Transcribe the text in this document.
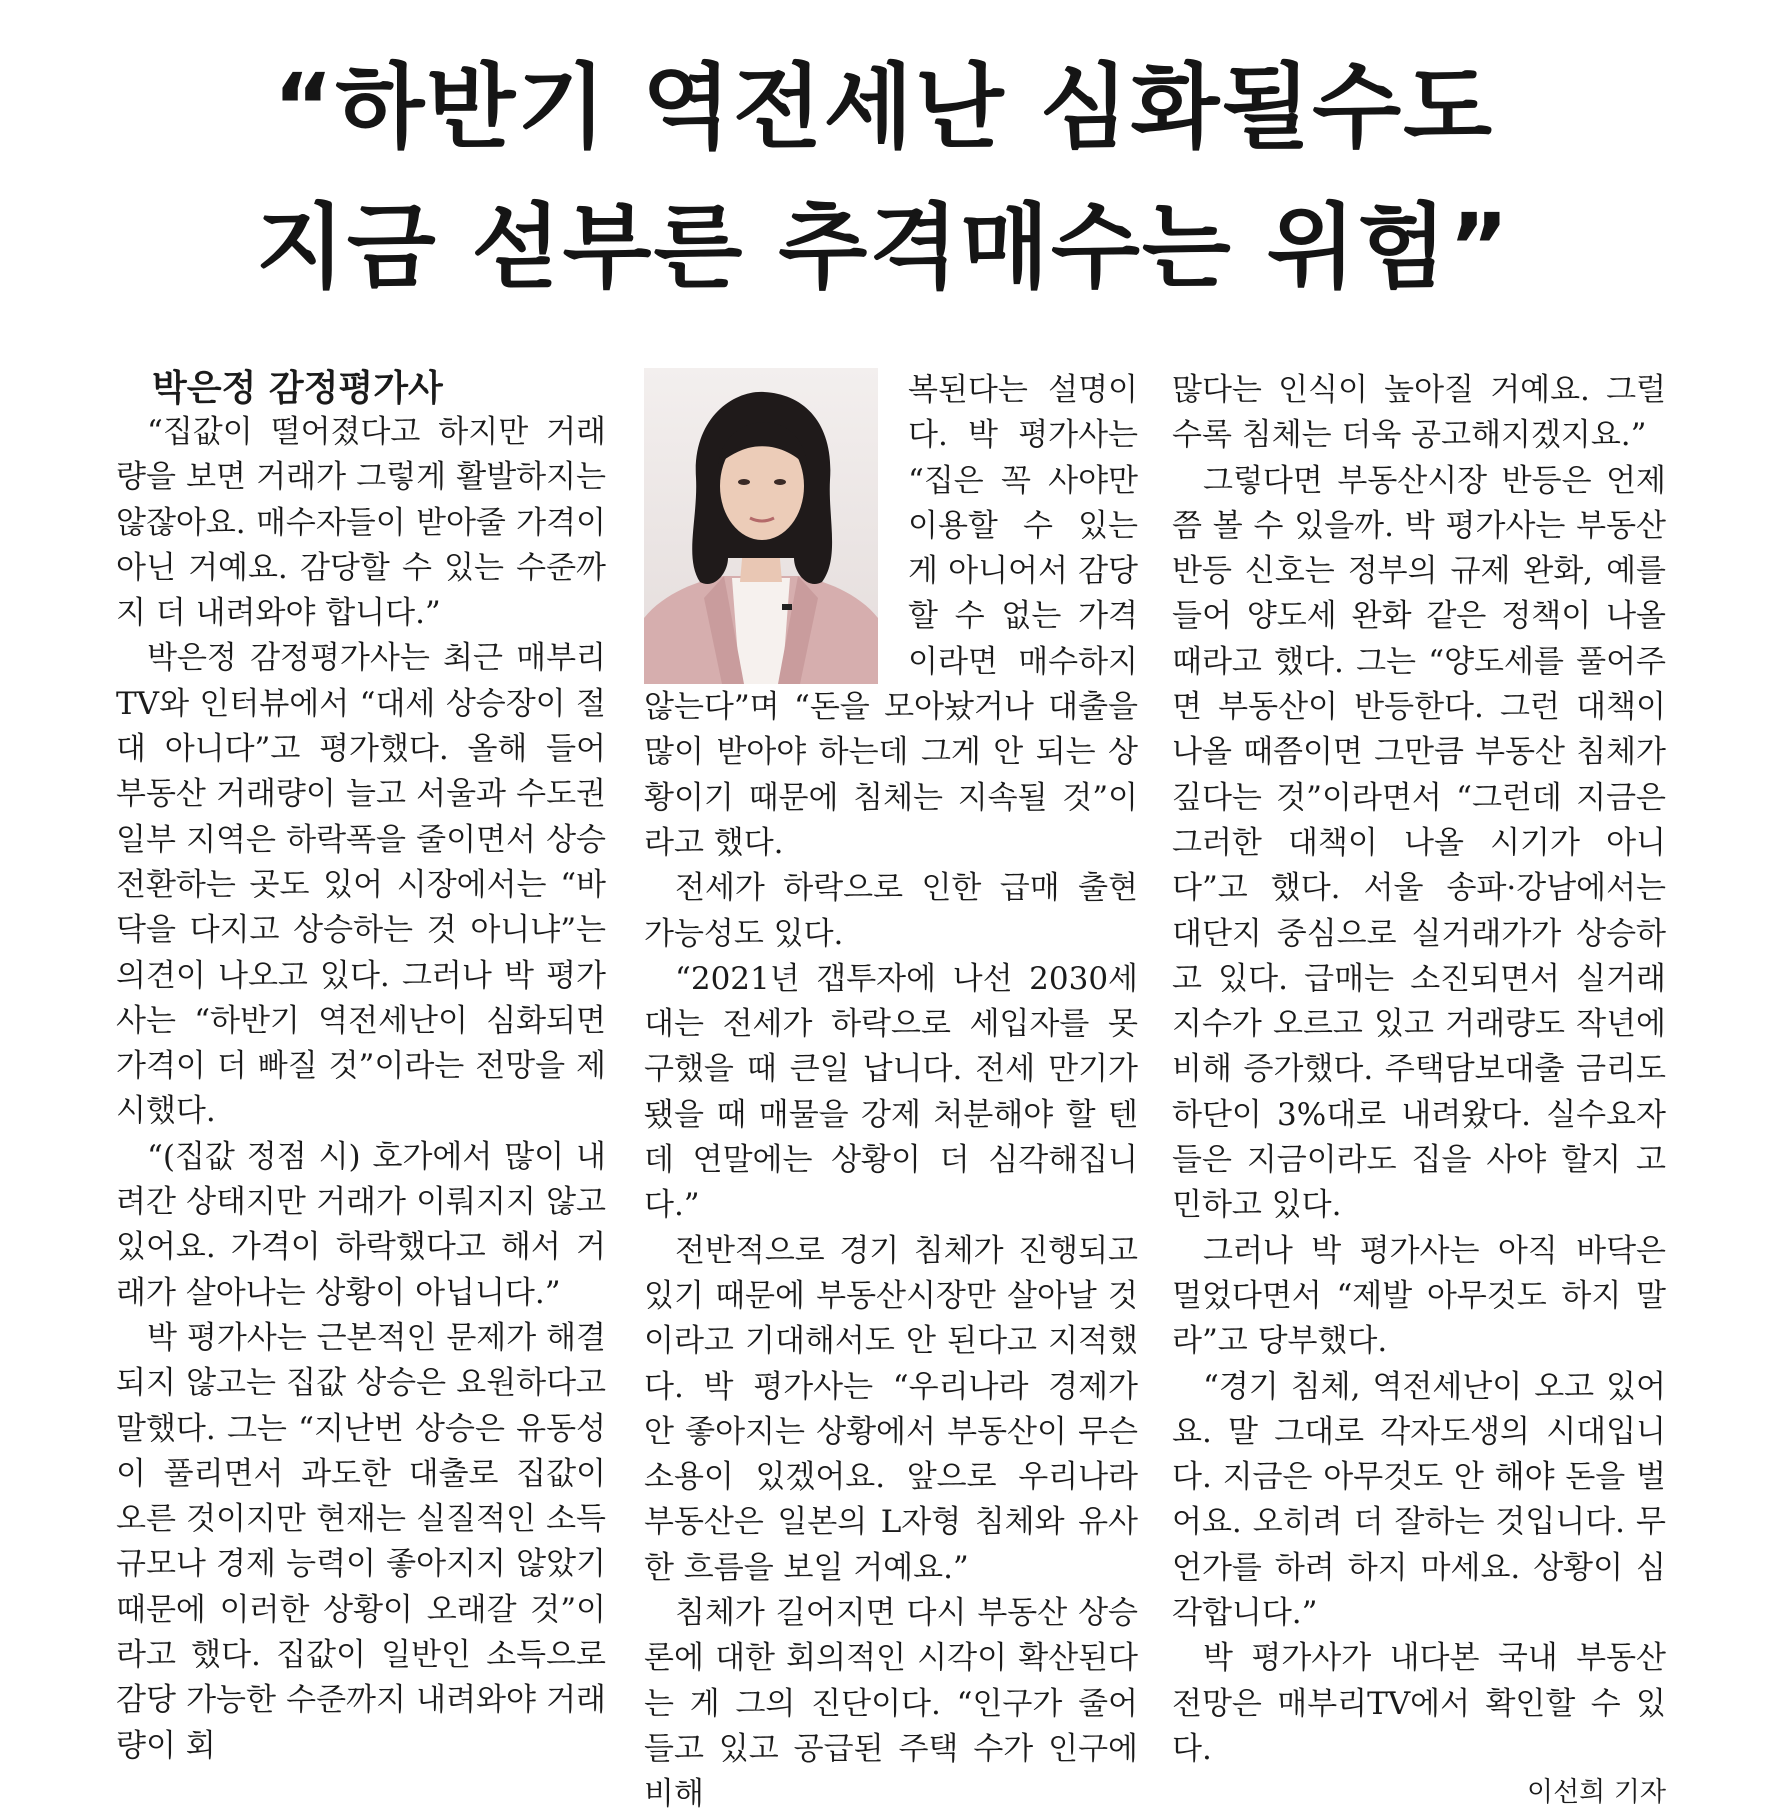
“하반기 역전세난 심화될수도
지금 섣부른 추격매수는 위험”

박은정 감정평가사

“집값이 떨어졌다고 하지만 거래량을 보면 거래가 그렇게 활발하지는 않잖아요. 매수자들이 받아줄 가격이 아닌 거예요. 감당할 수 있는 수준까지 더 내려와야 합니다.”

박은정 감정평가사는 최근 매부리TV와 인터뷰에서 “대세 상승장이 절대 아니다”고 평가했다. 올해 들어 부동산 거래량이 늘고 서울과 수도권 일부 지역은 하락폭을 줄이면서 상승 전환하는 곳도 있어 시장에서는 “바닥을 다지고 상승하는 것 아니냐”는 의견이 나오고 있다. 그러나 박 평가사는 “하반기 역전세난이 심화되면 가격이 더 빠질 것”이라는 전망을 제시했다.

“(집값 정점 시) 호가에서 많이 내려간 상태지만 거래가 이뤄지지 않고 있어요. 가격이 하락했다고 해서 거래가 살아나는 상황이 아닙니다.”

박 평가사는 근본적인 문제가 해결되지 않고는 집값 상승은 요원하다고 말했다. 그는 “지난번 상승은 유동성이 풀리면서 과도한 대출로 집값이 오른 것이지만 현재는 실질적인 소득 규모나 경제 능력이 좋아지지 않았기 때문에 이러한 상황이 오래갈 것”이라고 했다. 집값이 일반인 소득으로 감당 가능한 수준까지 내려와야 거래량이 회

복된다는 설명이다. 박 평가사는 “집은 꼭 사야만 이용할 수 있는 게 아니어서 감당할 수 없는 가격이라면 매수하지 않는다”며 “돈을 모아놨거나 대출을 많이 받아야 하는데 그게 안 되는 상황이기 때문에 침체는 지속될 것”이라고 했다.

전세가 하락으로 인한 급매 출현 가능성도 있다.

“2021년 갭투자에 나선 2030세대는 전세가 하락으로 세입자를 못 구했을 때 큰일 납니다. 전세 만기가 됐을 때 매물을 강제 처분해야 할 텐데 연말에는 상황이 더 심각해집니다.”

전반적으로 경기 침체가 진행되고 있기 때문에 부동산시장만 살아날 것이라고 기대해서도 안 된다고 지적했다. 박 평가사는 “우리나라 경제가 안 좋아지는 상황에서 부동산이 무슨 소용이 있겠어요. 앞으로 우리나라 부동산은 일본의 L자형 침체와 유사한 흐름을 보일 거예요.”

침체가 길어지면 다시 부동산 상승론에 대한 회의적인 시각이 확산된다는 게 그의 진단이다. “인구가 줄어들고 있고 공급된 주택 수가 인구에 비해

많다는 인식이 높아질 거예요. 그럴수록 침체는 더욱 공고해지겠지요.”

그렇다면 부동산시장 반등은 언제쯤 볼 수 있을까. 박 평가사는 부동산 반등 신호는 정부의 규제 완화, 예를 들어 양도세 완화 같은 정책이 나올 때라고 했다. 그는 “양도세를 풀어주면 부동산이 반등한다. 그런 대책이 나올 때쯤이면 그만큼 부동산 침체가 깊다는 것”이라면서 “그런데 지금은 그러한 대책이 나올 시기가 아니다”고 했다. 서울 송파·강남에서는 대단지 중심으로 실거래가가 상승하고 있다. 급매는 소진되면서 실거래지수가 오르고 있고 거래량도 작년에 비해 증가했다. 주택담보대출 금리도 하단이 3%대로 내려왔다. 실수요자들은 지금이라도 집을 사야 할지 고민하고 있다.

그러나 박 평가사는 아직 바닥은 멀었다면서 “제발 아무것도 하지 말라”고 당부했다.

“경기 침체, 역전세난이 오고 있어요. 말 그대로 각자도생의 시대입니다. 지금은 아무것도 안 해야 돈을 벌어요. 오히려 더 잘하는 것입니다. 무언가를 하려 하지 마세요. 상황이 심각합니다.”

박 평가사가 내다본 국내 부동산 전망은 매부리TV에서 확인할 수 있다.

이선희 기자
